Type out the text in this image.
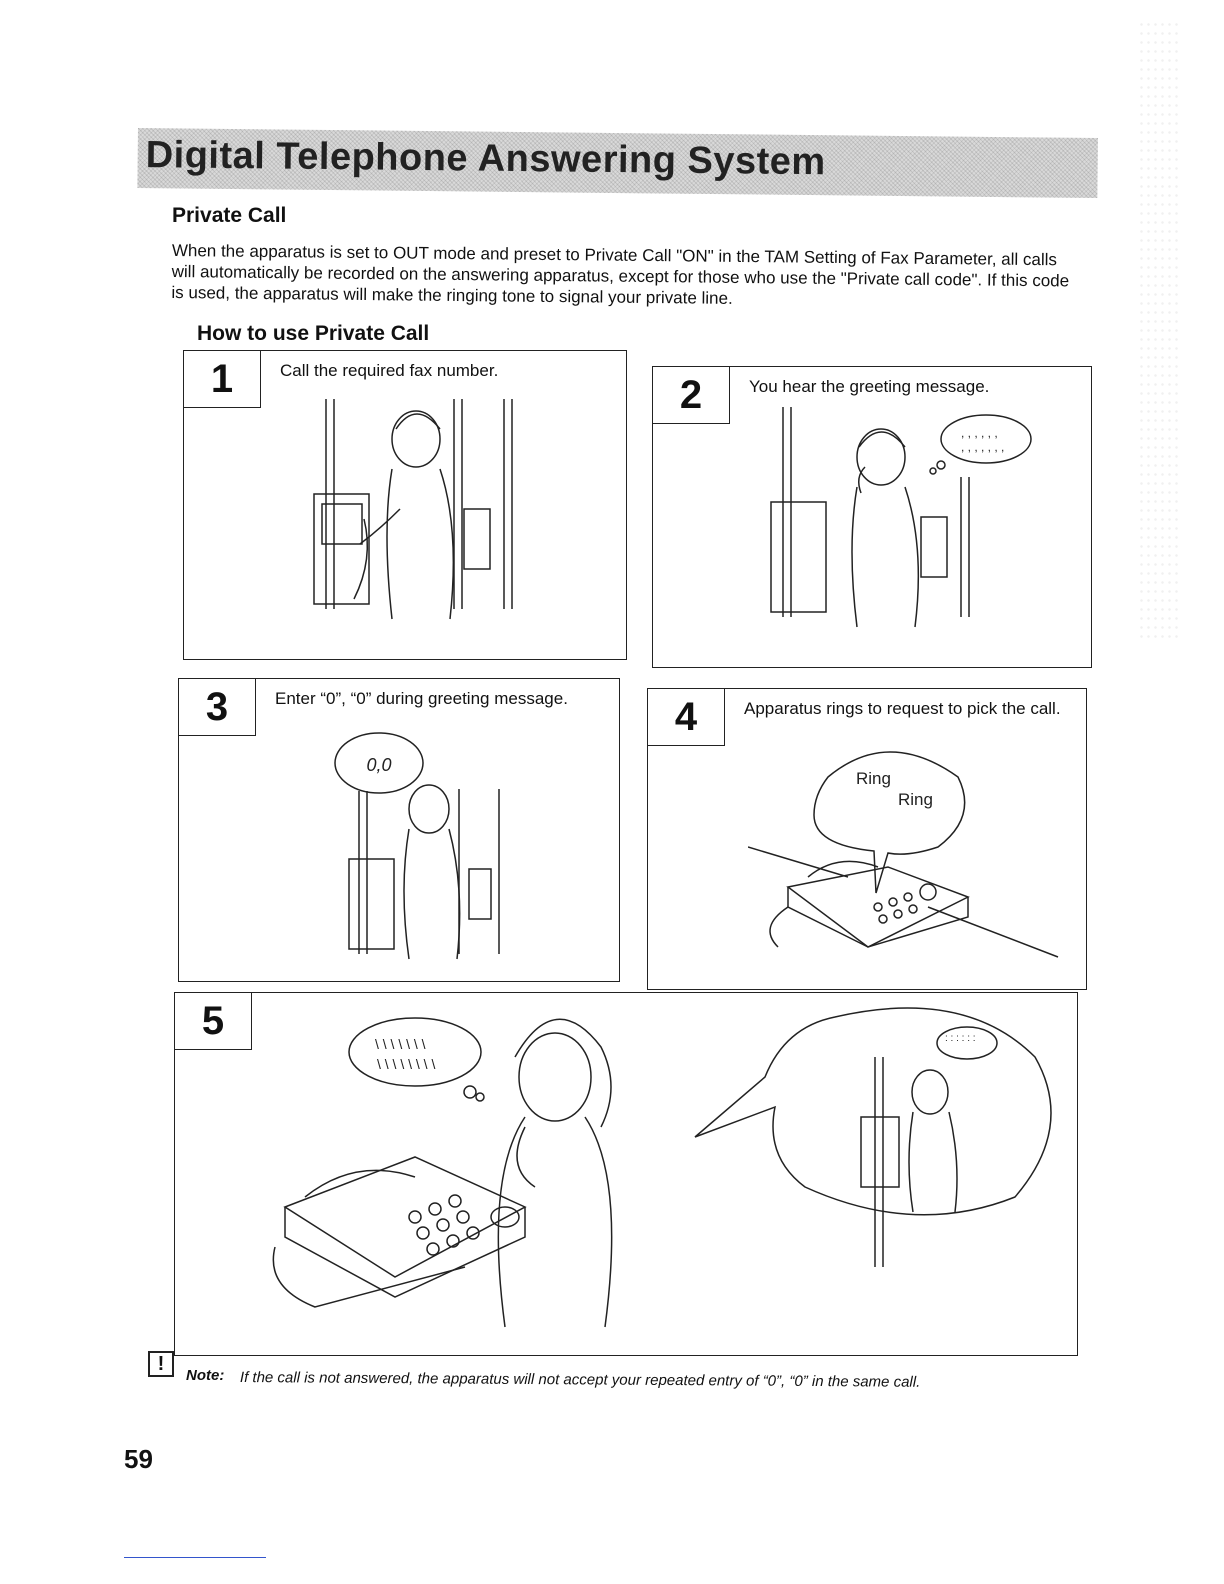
Digital Telephone Answering System
Private Call

When the apparatus is set to OUT mode and preset to Private Call "ON" in the TAM Setting of Fax Parameter, all calls will automatically be recorded on the answering apparatus, except for those who use the "Private call code". If this code is used, the apparatus will make the ringing tone to signal your private line.

How to use Private Call
1	Call the required fax number.
2	You hear the greeting message.
, , , , , ,
, , , , , , ,
3	Enter “0”, “0” during greeting message.
0,0
4	Apparatus rings to request to pick the call.
Ring
Ring
5
\ \ \ \ \ \ \
\ \ \ \ \ \ \ \
: : : : : :
!
Note: If the call is not answered, the apparatus will not accept your repeated entry of “0”, “0” in the same call.
59
